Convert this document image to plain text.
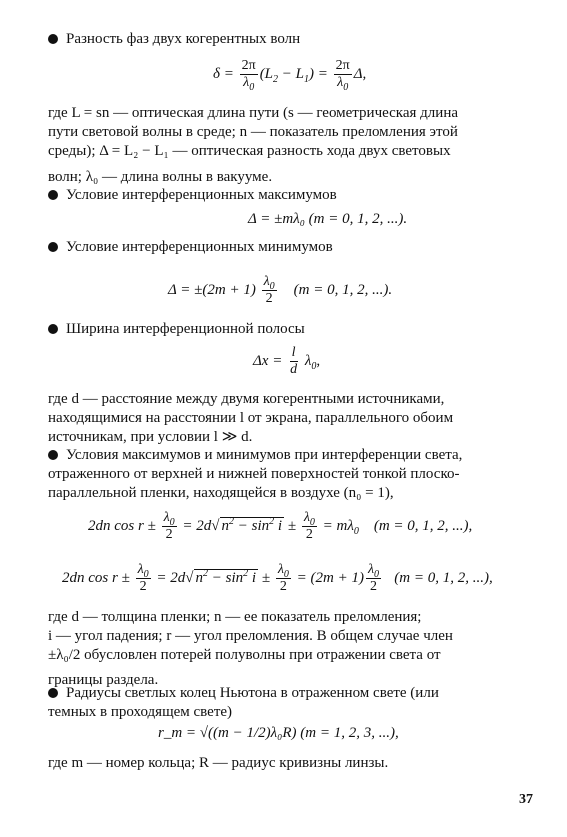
Разность фаз двух когерентных волн
$\delta = \frac{2\pi}{\lambda_0} (L_2 - L_1) = \frac{2\pi}{\lambda_0} \Delta$,
где L = sn — оптическая длина пути (s — геометрическая длина
пути световой волны в среде; n — показатель преломления этой
среды); Δ = L₂ − L₁ — оптическая разность хода двух световых
волн; λ₀ — длина волны в вакууме.
Условие интерференционных максимумов
Δ = ±mλ₀ (m = 0, 1, 2, ...).
Условие интерференционных минимумов
$\Delta = \pm(2m + 1) \frac{\lambda_0}{2} (m = 0$, 1, 2, ...).
Ширина интерференционной полосы
$\Delta x = \frac{l}{d} \lambda_0$,
где d — расстояние между двумя когерентными источниками,
находящимися на расстоянии l от экрана, параллельного обоим
источникам, при условии l ≫ d.
Условия максимумов и минимумов при интерференции света,
отраженного от верхней и нижней поверхностей тонкой плоско-
параллельной пленки, находящейся в воздухе (n₀ = 1),
2dn $\cos r \pm \frac{\lambda_0}{2} = 2d√$ $n^2 - \sin^2 i \pm \frac{\lambda_0}{2} = m\lambda_0$ (m = 0, 1, 2, ...),
2dn $\cos r \pm \frac{\lambda_0}{2} = 2d√$ $n^2 - \sin^2 i \pm \frac{\lambda_0}{2} = (2m + 1) \frac{\lambda_0}{2} (m = 0$, 1, 2, ...),
где d — толщина пленки; n — ее показатель преломления;
i — угол падения; r — угол преломления. В общем случае член
±λ₀/2 обусловлен потерей полуволны при отражении света от
границы раздела.
Радиусы светлых колец Ньютона в отраженном свете (или
темных в проходящем свете)
r_m = √((m − 1/2)λ₀R) (m = 1, 2, 3, ...),
где m — номер кольца; R — радиус кривизны линзы.
37
